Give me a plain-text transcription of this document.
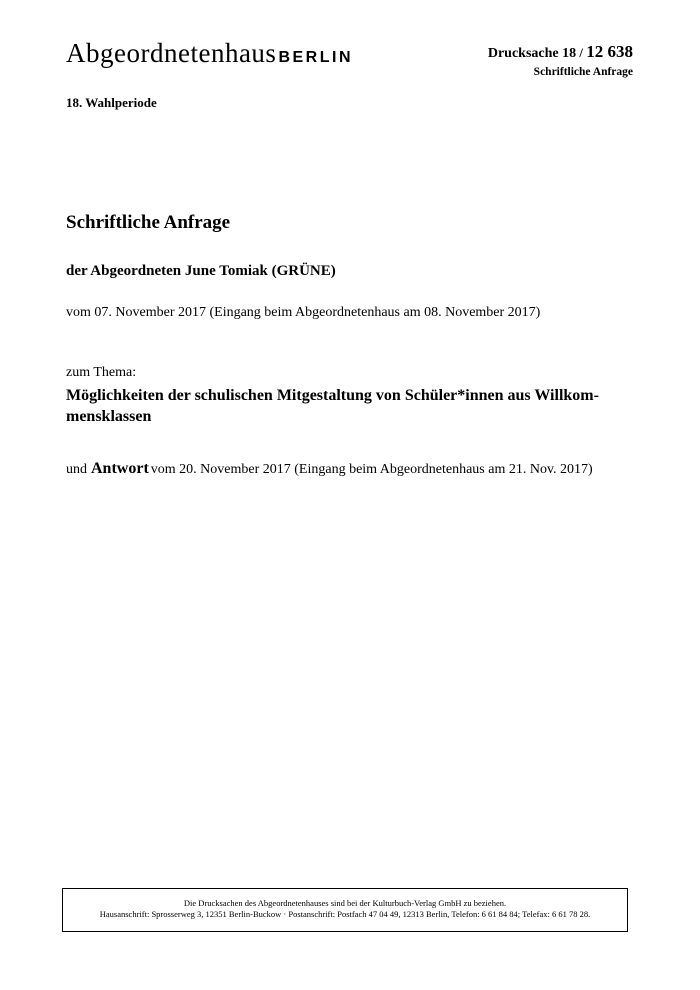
Abgeordnetenhaus BERLIN	Drucksache 18 / 12 638
Schriftliche Anfrage
18. Wahlperiode
Schriftliche Anfrage
der Abgeordneten June Tomiak (GRÜNE)
vom 07. November 2017 (Eingang beim Abgeordnetenhaus am 08. November 2017)
zum Thema:
Möglichkeiten der schulischen Mitgestaltung von Schüler*innen aus Willkommensklassen
und Antwort vom 20. November 2017 (Eingang beim Abgeordnetenhaus am 21. Nov. 2017)
Die Drucksachen des Abgeordnetenhauses sind bei der Kulturbuch-Verlag GmbH zu beziehen.
Hausanschrift: Sprosserweg 3, 12351 Berlin-Buckow · Postanschrift: Postfach 47 04 49, 12313 Berlin, Telefon: 6 61 84 84; Telefax: 6 61 78 28.
